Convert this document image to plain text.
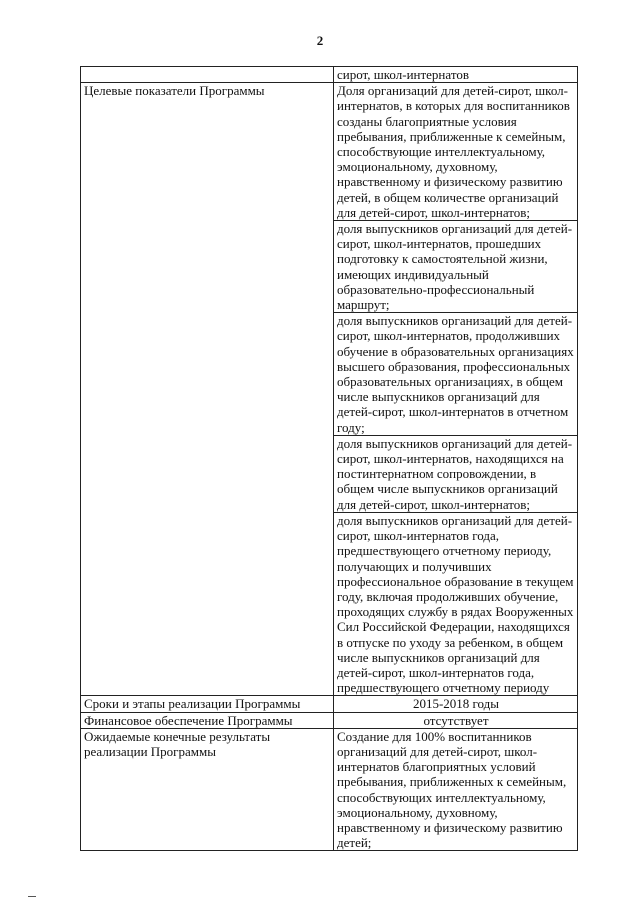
2
	сирот, школ-интернатов
Целевые показатели Программы	Доля организаций для детей-сирот, школ-интернатов, в которых для воспитанников созданы благоприятные условия пребывания, приближенные к семейным, способствующие интеллектуальному, эмоциональному, духовному, нравственному и физическому развитию детей, в общем количестве организаций для детей-сирот, школ-интернатов;
	доля выпускников организаций для детей-сирот, школ-интернатов, прошедших подготовку к самостоятельной жизни, имеющих индивидуальный образовательно-профессиональный маршрут;
	доля выпускников организаций для детей-сирот, школ-интернатов, продолживших обучение в образовательных организациях высшего образования, профессиональных образовательных организациях, в общем числе выпускников организаций для детей-сирот, школ-интернатов в отчетном году;
	доля выпускников организаций для детей-сирот, школ-интернатов, находящихся на постинтернатном сопровождении, в общем числе выпускников организаций для детей-сирот, школ-интернатов;
	доля выпускников организаций для детей-сирот, школ-интернатов года, предшествующего отчетному периоду, получающих и получивших профессиональное образование в текущем году, включая продолживших обучение, проходящих службу в рядах Вооруженных Сил Российской Федерации, находящихся в отпуске по уходу за ребенком, в общем числе выпускников организаций для детей-сирот, школ-интернатов года, предшествующего отчетному периоду
Сроки и этапы реализации Программы	2015-2018 годы
Финансовое обеспечение Программы	отсутствует
Ожидаемые конечные результаты реализации Программы	Создание для 100% воспитанников организаций для детей-сирот, школ-интернатов благоприятных условий пребывания, приближенных к семейным, способствующих интеллектуальному, эмоциональному, духовному, нравственному и физическому развитию детей;
